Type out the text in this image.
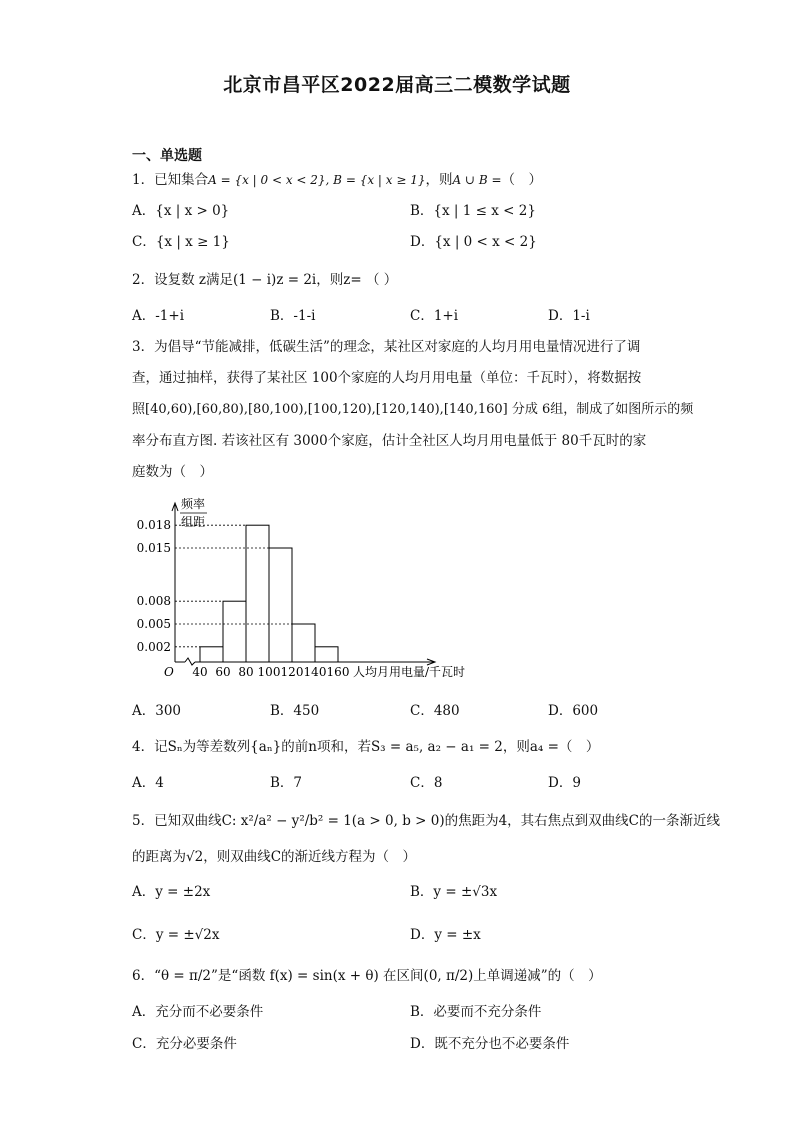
北京市昌平区2022届高三二模数学试题
一、单选题
1．已知集合A = {x | 0 < x < 2}, B = {x | x ≥ 1}，则A ∪ B =（　）
A．{x | x > 0}	B．{x | 1 ≤ x < 2}
C．{x | x ≥ 1}	D．{x | 0 < x < 2}
2．设复数 z满足(1 − i)z = 2i，则z= （ ）
A．-1+i	B．-1-i	C．1+i	D．1-i
3．为倡导“节能减排，低碳生活”的理念，某社区对家庭的人均月用电量情况进行了调
查，通过抽样，获得了某社区 100个家庭的人均月用电量（单位：千瓦时），将数据按
照[40,60),[60,80),[80,100),[100,120),[120,140),[140,160] 分成 6组，制成了如图所示的频
率分布直方图. 若该社区有 3000个家庭，估计全社区人均月用电量低于 80千瓦时的家
庭数为（　）
频率
组距
O
0.018
0.015
0.008
0.005
0.002
40 60 80 100 120 140 160 人均月用电量/千瓦时
A．300	B．450	C．480	D．600
4．记Sₙ为等差数列{aₙ}的前n项和，若S₃ = a₅, a₂ − a₁ = 2，则a₄ =（　）
A．4	B．7	C．8	D．9
5．已知双曲线C: x²/a² − y²/b² = 1(a > 0, b > 0)的焦距为4，其右焦点到双曲线C的一条渐近线
的距离为√2，则双曲线C的渐近线方程为（　）
A．y = ±2x	B．y = ±√3x
C．y = ±√2x	D．y = ±x
6．“θ = π/2”是“函数 f(x) = sin(x + θ) 在区间(0, π/2)上单调递减”的（　）
A．充分而不必要条件	B．必要而不充分条件
C．充分必要条件	D．既不充分也不必要条件
